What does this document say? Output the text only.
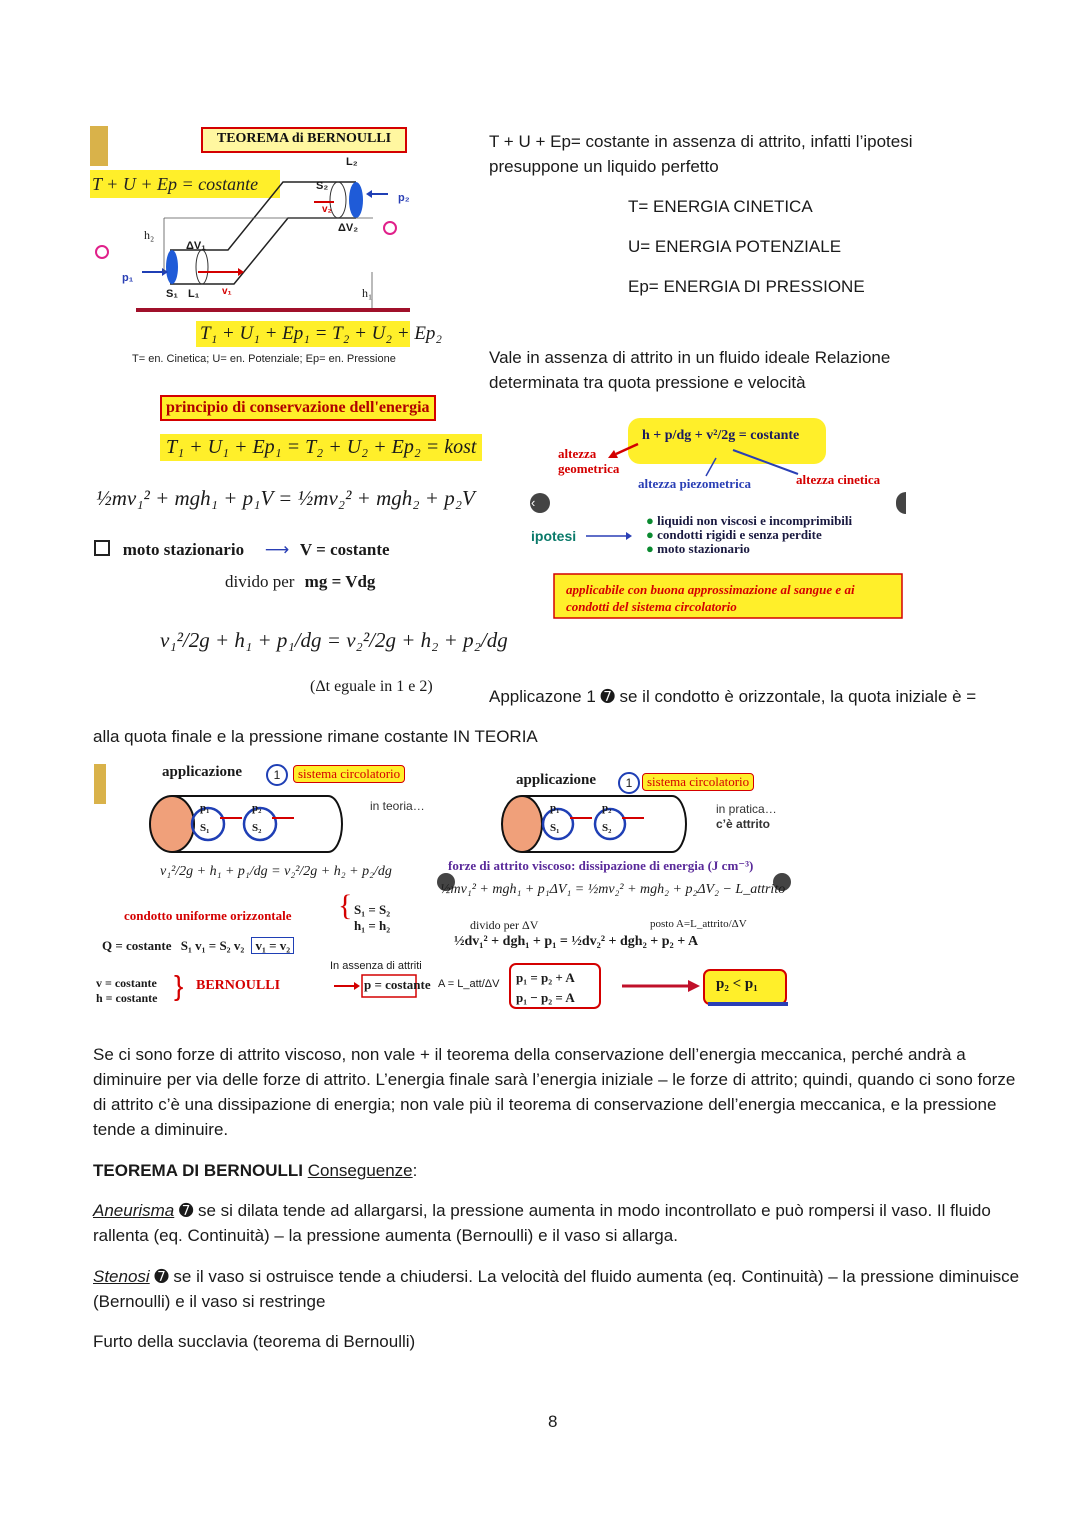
TEOREMA di BERNOULLI
T + U + Ep = costante
L₂
S₂
v₂
p₂
ΔV₂
h₂
ΔV₁
p₁
S₁ L₁ v₁	h₁
T₁ + U₁ + Ep₁ = T₂ + U₂ + Ep₂
T= en. Cinetica; U= en. Potenziale; Ep= en. Pressione
principio di conservazione dell'energia
T₁ + U₁ + Ep₁ = T₂ + U₂ + Ep₂ = kost
½mv₁² + mgh₁ + p₁V = ½mv₂² + mgh₂ + p₂V
moto stazionario ⟶ V = costante
divido per mg = Vdg
v₁²/2g + h₁ + p₁/dg = v₂²/2g + h₂ + p₂/dg
(Δt eguale in 1 e 2)
T + U + Ep= costante in assenza di attrito, infatti l’ipotesi presuppone un liquido perfetto
T= ENERGIA CINETICA
U= ENERGIA POTENZIALE
Ep= ENERGIA DI PRESSIONE
Vale in assenza di attrito in un fluido ideale Relazione determinata tra quota pressione e velocità
h + p/dg + v²/2g = costante
altezza geometrica
altezza piezometrica	altezza cinetica
‹
ipotesi
● liquidi non viscosi e incomprimibili
● condotti rigidi e senza perdite
● moto stazionario
applicabile con buona approssimazione al sangue e ai condotti del sistema circolatorio
Applicazone 1 ➐ se il condotto è orizzontale, la quota iniziale è =
alla quota finale e la pressione rimane costante IN TEORIA
applicazione	1	sistema circolatorio
in teoria…
p₁
S₁
p₂
S₂
v₁²/2g + h₁ + p₁/dg = v₂²/2g + h₂ + p₂/dg
condotto uniforme orizzontale { S₁ = S₂
h₁ = h₂
Q = costante S₁ v₁ = S₂ v₂ v₁ = v₂
In assenza di attriti
v = costante
h = costante } BERNOULLI	p = costante
applicazione	1	sistema circolatorio
in pratica…
c’è attrito
p₁
S₁
p₂
S₂
forze di attrito viscoso: dissipazione di energia (J cm⁻³)
½mv₁² + mgh₁ + p₁ΔV₁ = ½mv₂² + mgh₂ + p₂ΔV₂ − L_attrito
divido per ΔV	posto A=L_attrito/ΔV
½dv₁² + dgh₁ + p₁ = ½dv₂² + dgh₂ + p₂ + A
A = L_att/ΔV p₁ = p₂ + A
p₁ − p₂ = A
p₂ < p₁
Se ci sono forze di attrito viscoso, non vale + il teorema della conservazione dell’energia meccanica, perché andrà a diminuire per via delle forze di attrito. L’energia finale sarà l’energia iniziale – le forze di attrito; quindi, quando ci sono forze di attrito c’è una dissipazione di energia; non vale più il teorema di conservazione dell’energia meccanica, e la pressione tende a diminuire.
TEOREMA DI BERNOULLI Conseguenze:
Aneurisma ➐ se si dilata tende ad allargarsi, la pressione aumenta in modo incontrollato e può rompersi il vaso. Il fluido rallenta (eq. Continuità) – la pressione aumenta (Bernoulli) e il vaso si allarga.
Stenosi ➐ se il vaso si ostruisce tende a chiudersi. La velocità del fluido aumenta (eq. Continuità) – la pressione diminuisce (Bernoulli) e il vaso si restringe
Furto della succlavia (teorema di Bernoulli)
8
